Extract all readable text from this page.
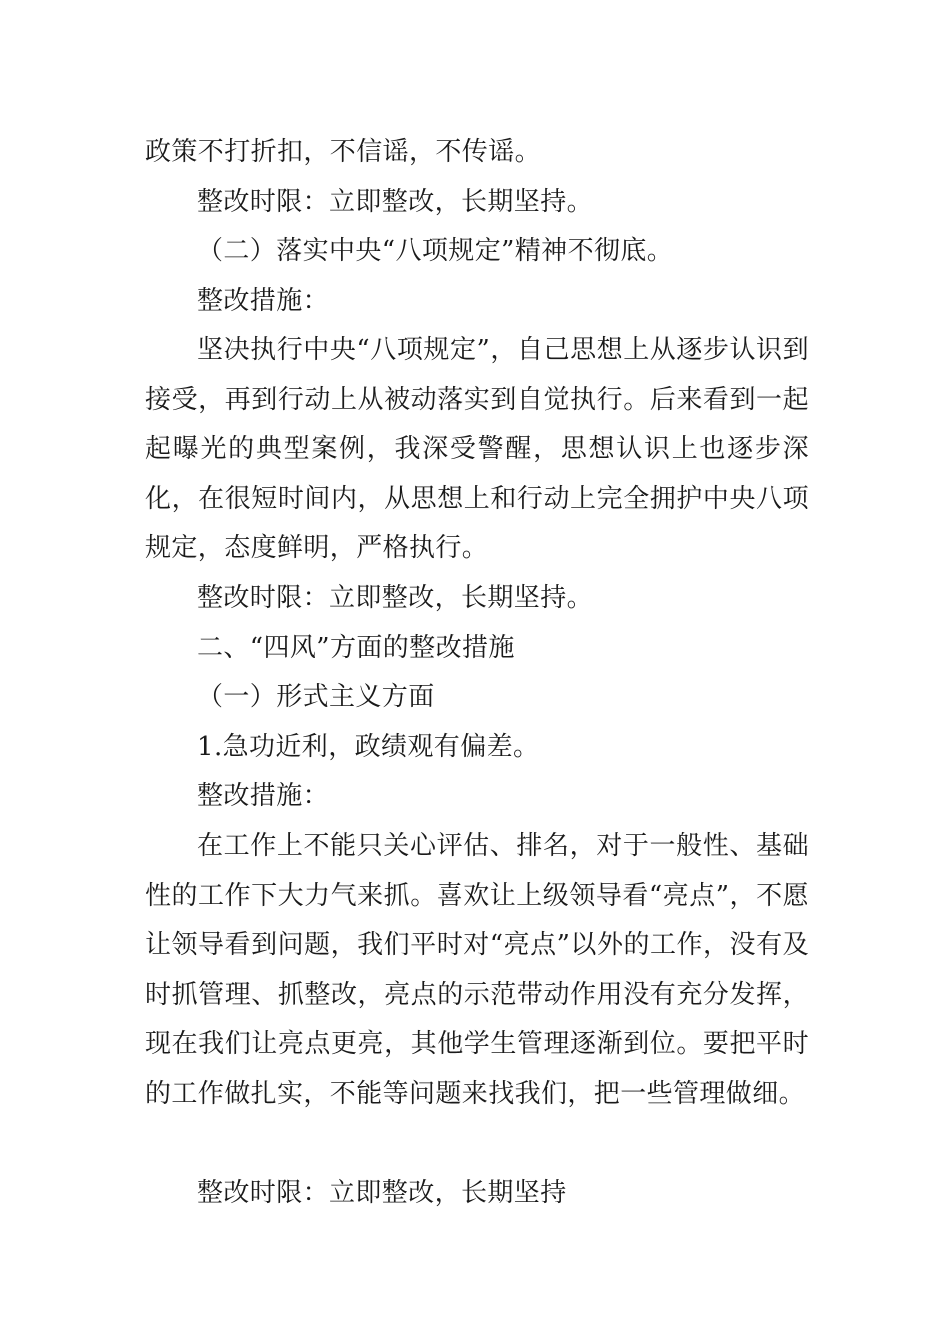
政策不打折扣，不信谣，不传谣。

整改时限：立即整改，长期坚持。

（二）落实中央“八项规定”精神不彻底。

整改措施：

坚决执行中央“八项规定”，自己思想上从逐步认识到接受，再到行动上从被动落实到自觉执行。后来看到一起起曝光的典型案例，我深受警醒，思想认识上也逐步深化，在很短时间内，从思想上和行动上完全拥护中央八项规定，态度鲜明，严格执行。

整改时限：立即整改，长期坚持。

二、“四风”方面的整改措施

（一）形式主义方面

1.急功近利，政绩观有偏差。

整改措施：

在工作上不能只关心评估、排名，对于一般性、基础性的工作下大力气来抓。喜欢让上级领导看“亮点”，不愿让领导看到问题，我们平时对“亮点”以外的工作，没有及时抓管理、抓整改，亮点的示范带动作用没有充分发挥，现在我们让亮点更亮，其他学生管理逐渐到位。要把平时的工作做扎实，不能等问题来找我们，把一些管理做细。

整改时限：立即整改，长期坚持
